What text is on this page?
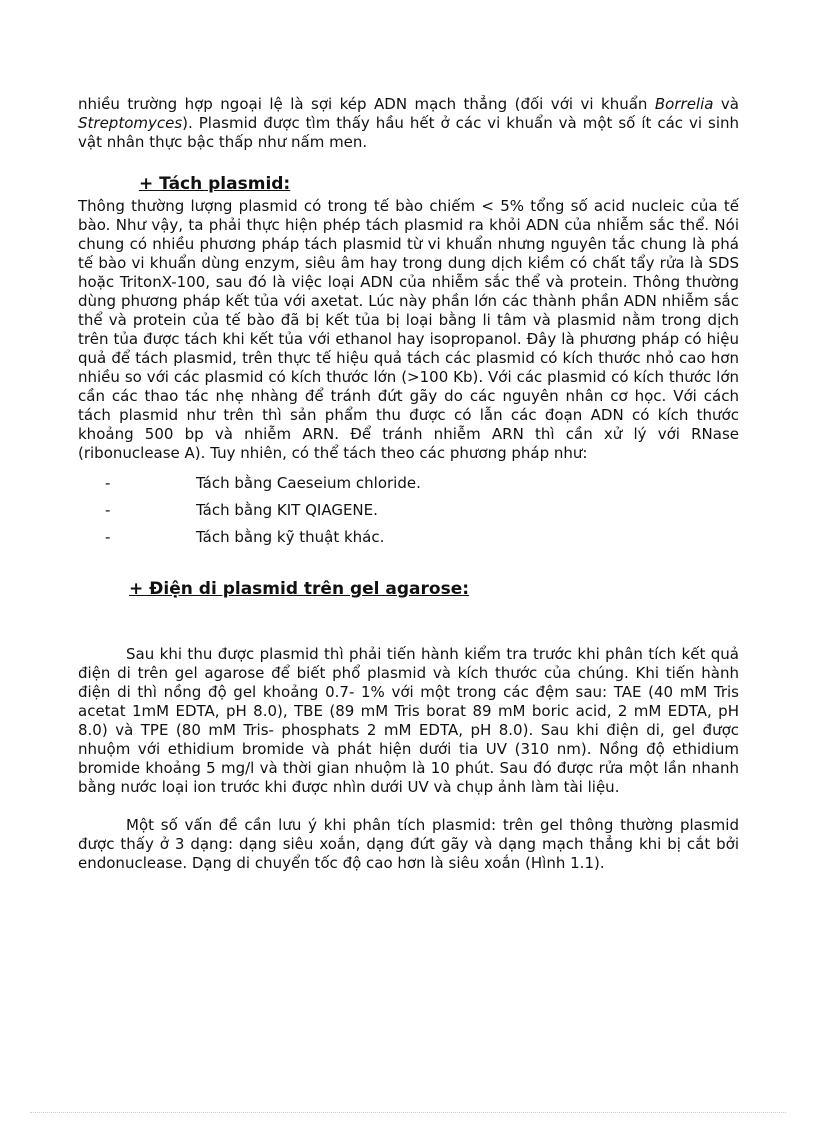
nhiều trường hợp ngoại lệ là sợi kép ADN mạch thẳng (đối với vi khuẩn Borrelia và Streptomyces). Plasmid được tìm thấy hầu hết ở các vi khuẩn và một số ít các vi sinh vật nhân thực bậc thấp như nấm men.

+ Tách plasmid:

Thông thường lượng plasmid có trong tế bào chiếm < 5% tổng số acid nucleic của tế bào. Như vậy, ta phải thực hiện phép tách plasmid ra khỏi ADN của nhiễm sắc thể. Nói chung có nhiều phương pháp tách plasmid từ vi khuẩn nhưng nguyên tắc chung là phá tế bào vi khuẩn dùng enzym, siêu âm hay trong dung dịch kiềm có chất tẩy rửa là SDS hoặc TritonX-100, sau đó là việc loại ADN của nhiễm sắc thể và protein. Thông thường dùng phương pháp kết tủa với axetat. Lúc này phần lớn các thành phần ADN nhiễm sắc thể và protein của tế bào đã bị kết tủa bị loại bằng li tâm và plasmid nằm trong dịch trên tủa được tách khi kết tủa với ethanol hay isopropanol. Đây là phương pháp có hiệu quả để tách plasmid, trên thực tế hiệu quả tách các plasmid có kích thước nhỏ cao hơn nhiều so với các plasmid có kích thước lớn (>100 Kb). Với các plasmid có kích thước lớn cần các thao tác nhẹ nhàng để tránh đứt gãy do các nguyên nhân cơ học. Với cách tách plasmid như trên thì sản phẩm thu được có lẫn các đoạn ADN có kích thước khoảng 500 bp và nhiễm ARN. Để tránh nhiễm ARN thì cần xử lý với RNase (ribonuclease A). Tuy nhiên, có thể tách theo các phương pháp như:

-	Tách bằng Caeseium chloride.
-	Tách bằng KIT QIAGENE.
-	Tách bằng kỹ thuật khác.
+ Điện di plasmid trên gel agarose:

Sau khi thu được plasmid thì phải tiến hành kiểm tra trước khi phân tích kết quả điện di trên gel agarose để biết phổ plasmid và kích thước của chúng. Khi tiến hành điện di thì nồng độ gel khoảng 0.7- 1% với một trong các đệm sau: TAE (40 mM Tris acetat 1mM EDTA, pH 8.0), TBE (89 mM Tris borat 89 mM boric acid, 2 mM EDTA, pH 8.0) và TPE (80 mM Tris- phosphats 2 mM EDTA, pH 8.0). Sau khi điện di, gel được nhuộm với ethidium bromide và phát hiện dưới tia UV (310 nm). Nồng độ ethidium bromide khoảng 5 mg/l và thời gian nhuộm là 10 phút. Sau đó được rửa một lần nhanh bằng nước loại ion trước khi được nhìn dưới UV và chụp ảnh làm tài liệu.

Một số vấn đề cần lưu ý khi phân tích plasmid: trên gel thông thường plasmid được thấy ở 3 dạng: dạng siêu xoắn, dạng đứt gãy và dạng mạch thẳng khi bị cắt bởi endonuclease. Dạng di chuyển tốc độ cao hơn là siêu xoắn (Hình 1.1).
